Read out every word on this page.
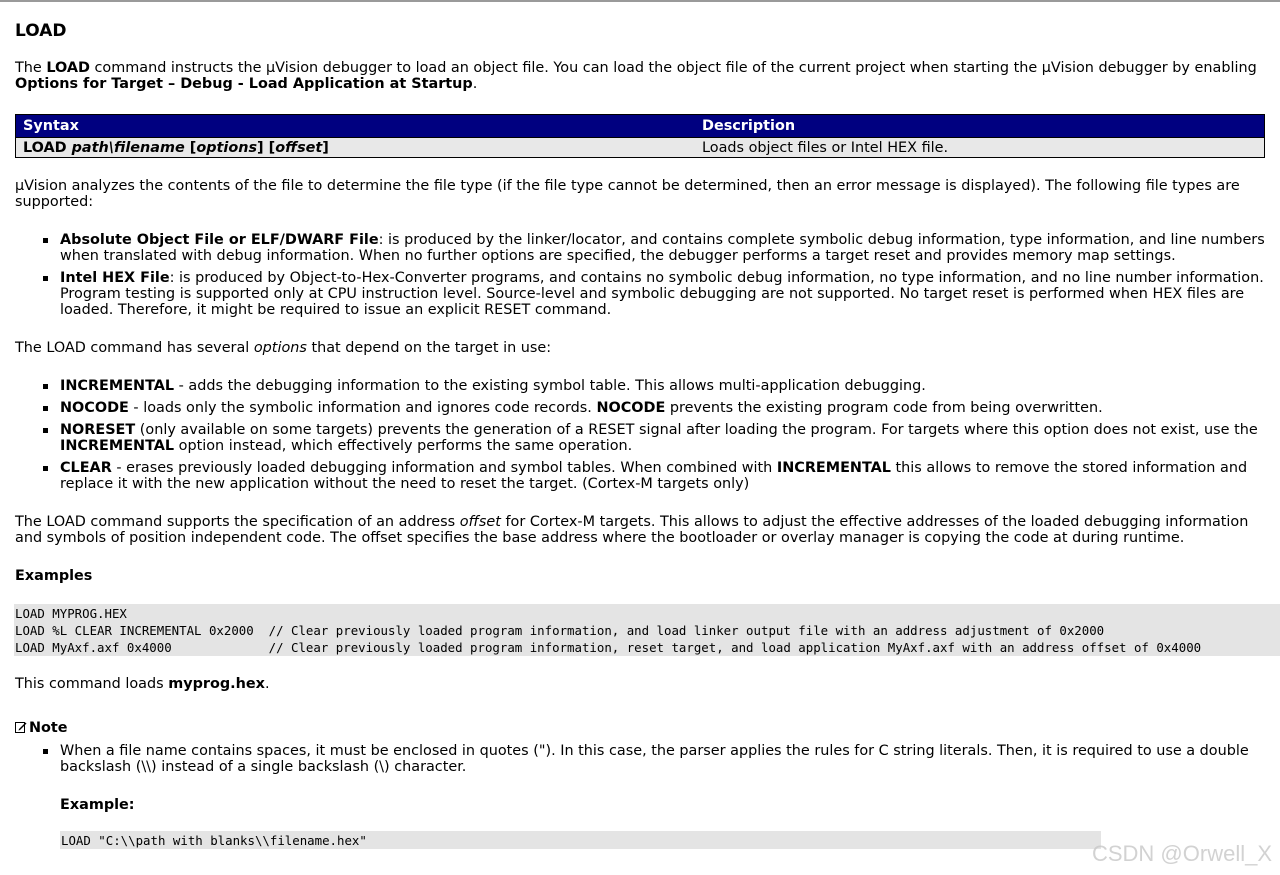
LOAD

The LOAD command instructs the µVision debugger to load an object file. You can load the object file of the current project when starting the µVision debugger by enabling Options for Target – Debug - Load Application at Startup.

Syntax	Description
LOAD path\filename [options] [offset]	Loads object files or Intel HEX file.

µVision analyzes the contents of the file to determine the file type (if the file type cannot be determined, then an error message is displayed). The following file types are supported:

Absolute Object File or ELF/DWARF File: is produced by the linker/locator, and contains complete symbolic debug information, type information, and line numbers when translated with debug information. When no further options are specified, the debugger performs a target reset and provides memory map settings.
Intel HEX File: is produced by Object-to-Hex-Converter programs, and contains no symbolic debug information, no type information, and no line number information. Program testing is supported only at CPU instruction level. Source-level and symbolic debugging are not supported. No target reset is performed when HEX files are loaded. Therefore, it might be required to issue an explicit RESET command.

The LOAD command has several options that depend on the target in use:

INCREMENTAL - adds the debugging information to the existing symbol table. This allows multi-application debugging.
NOCODE - loads only the symbolic information and ignores code records. NOCODE prevents the existing program code from being overwritten.
NORESET (only available on some targets) prevents the generation of a RESET signal after loading the program. For targets where this option does not exist, use the INCREMENTAL option instead, which effectively performs the same operation.
CLEAR - erases previously loaded debugging information and symbol tables. When combined with INCREMENTAL this allows to remove the stored information and replace it with the new application without the need to reset the target. (Cortex-M targets only)

The LOAD command supports the specification of an address offset for Cortex-M targets. This allows to adjust the effective addresses of the loaded debugging information and symbols of position independent code. The offset specifies the base address where the bootloader or overlay manager is copying the code at during runtime.

Examples

LOAD MYPROG.HEX
LOAD %L CLEAR INCREMENTAL 0x2000  // Clear previously loaded program information, and load linker output file with an address adjustment of 0x2000
LOAD MyAxf.axf 0x4000             // Clear previously loaded program information, reset target, and load application MyAxf.axf with an address offset of 0x4000

This command loads myprog.hex.

Note

When a file name contains spaces, it must be enclosed in quotes ("). In this case, the parser applies the rules for C string literals. Then, it is required to use a double backslash (\\) instead of a single backslash (\) character.

Example:

LOAD "C:\\path with blanks\\filename.hex"
CSDN @Orwell_X
